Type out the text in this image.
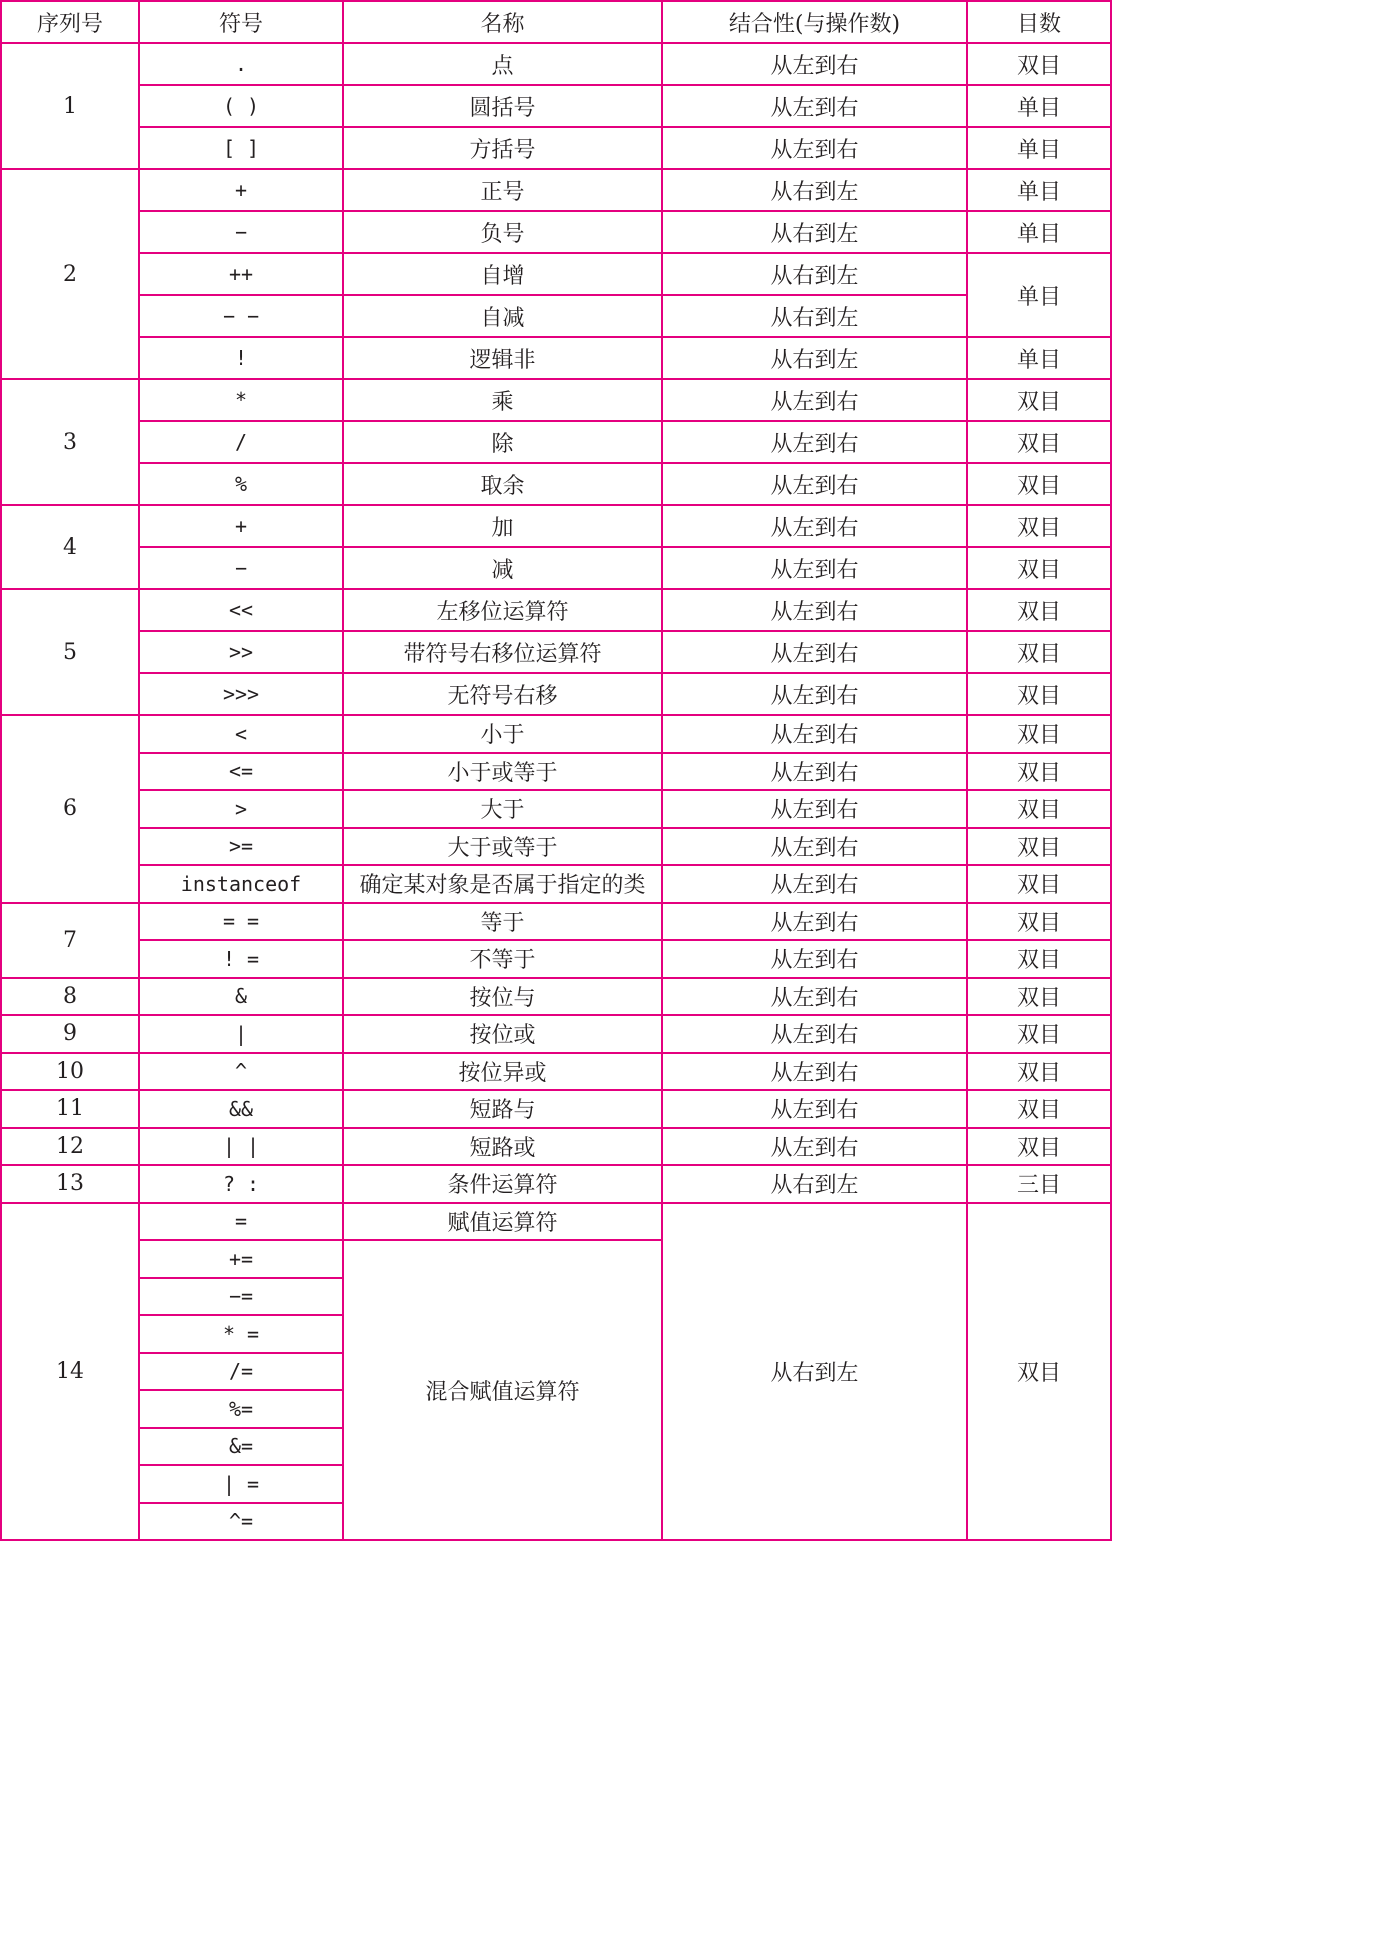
序列号	符号	名称	结合性(与操作数)	目数
1	.	点	从左到右	双目
	( )	圆括号	从左到右	单目
	[ ]	方括号	从左到右	单目
2	+	正号	从右到左	单目
	−	负号	从右到左	单目
	++	自增	从右到左	单目
	− −	自减	从右到左	
	!	逻辑非	从右到左	单目
3	*	乘	从左到右	双目
	/	除	从左到右	双目
	%	取余	从左到右	双目
4	+	加	从左到右	双目
	−	减	从左到右	双目
5	<<	左移位运算符	从左到右	双目
	>>	带符号右移位运算符	从左到右	双目
	>>>	无符号右移	从左到右	双目
6	<	小于	从左到右	双目
	<=	小于或等于	从左到右	双目
	>	大于	从左到右	双目
	>=	大于或等于	从左到右	双目
	instanceof	确定某对象是否属于指定的类	从左到右	双目
7	= =	等于	从左到右	双目
	! =	不等于	从左到右	双目
8	&	按位与	从左到右	双目
9	|	按位或	从左到右	双目
10	^	按位异或	从左到右	双目
11	&&	短路与	从左到右	双目
12	| |	短路或	从左到右	双目
13	? :	条件运算符	从右到左	三目
14	=	赋值运算符	从右到左	双目
	+=	混合赋值运算符		
	−=			
	* =			
	/=			
	%=			
	&=			
	| =			
	^=			
